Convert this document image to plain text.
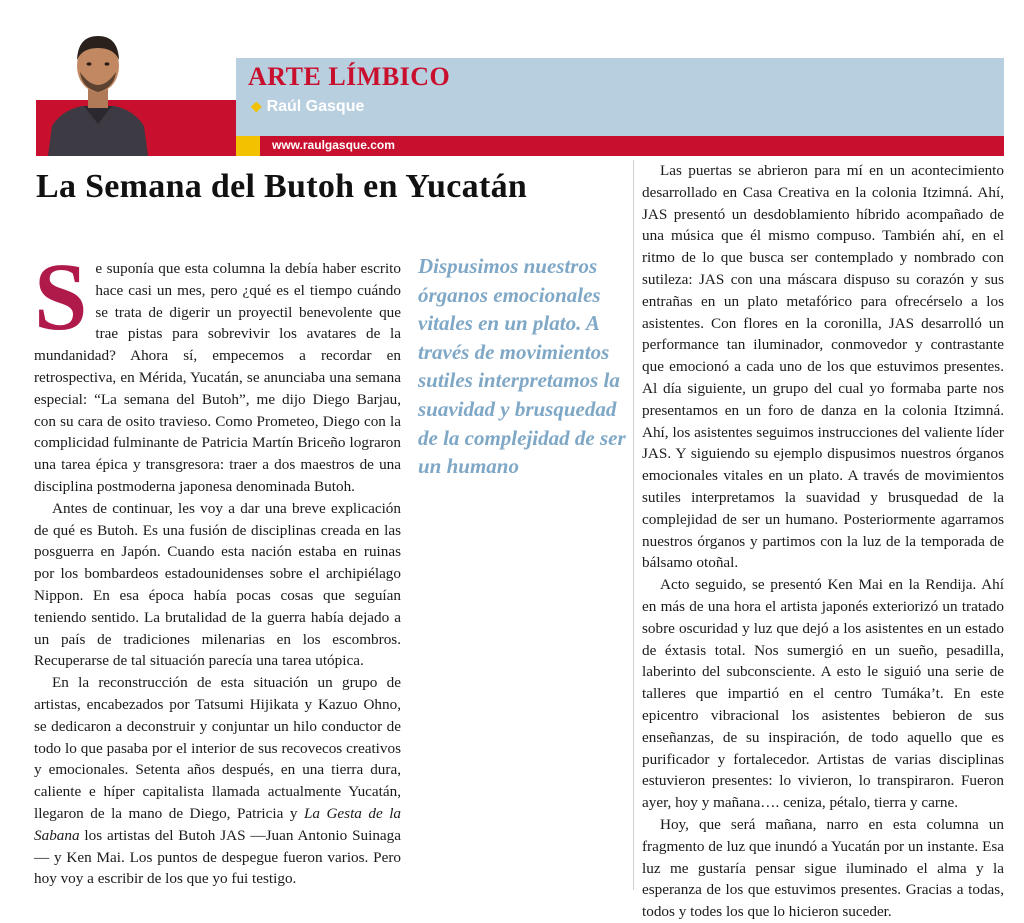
ARTE LÍMBICO
❖ Raúl Gasque
www.raulgasque.com
La Semana del Butoh en Yucatán

Se suponía que esta columna la debía haber escrito hace casi un mes, pero ¿qué es el tiempo cuándo se trata de digerir un proyectil benevolente que trae pistas para sobrevivir los avatares de la mundanidad? Ahora sí, empecemos a recordar en retrospectiva, en Mérida, Yucatán, se anunciaba una semana especial: “La semana del Butoh”, me dijo Diego Barjau, con su cara de osito travieso. Como Prometeo, Diego con la complicidad fulminante de Patricia Martín Briceño lograron una tarea épica y transgresora: traer a dos maestros de una disciplina postmoderna japonesa denominada Butoh.

Antes de continuar, les voy a dar una breve explicación de qué es Butoh. Es una fusión de disciplinas creada en las posguerra en Japón. Cuando esta nación estaba en ruinas por los bombardeos estadounidenses sobre el archipiélago Nippon. En esa época había pocas cosas que seguían teniendo sentido. La brutalidad de la guerra había dejado a un país de tradiciones milenarias en los escombros. Recuperarse de tal situación parecía una tarea utópica.

En la reconstrucción de esta situación un grupo de artistas, encabezados por Tatsumi Hijikata y Kazuo Ohno, se dedicaron a deconstruir y conjuntar un hilo conductor de todo lo que pasaba por el interior de sus recovecos creativos y emocionales. Setenta años después, en una tierra dura, caliente e híper capitalista llamada actualmente Yucatán, llegaron de la mano de Diego, Patricia y La Gesta de la Sabana los artistas del Butoh JAS —Juan Antonio Suinaga— y Ken Mai. Los puntos de despegue fueron varios. Pero hoy voy a escribir de los que yo fui testigo.

Dispusimos nuestros órganos emocionales vitales en un plato. A través de movimientos sutiles interpretamos la suavidad y brusquedad de la complejidad de ser un humano

Las puertas se abrieron para mí en un acontecimiento desarrollado en Casa Creativa en la colonia Itzimná. Ahí, JAS presentó un desdoblamiento híbrido acompañado de una música que él mismo compuso. También ahí, en el ritmo de lo que busca ser contemplado y nombrado con sutileza: JAS con una máscara dispuso su corazón y sus entrañas en un plato metafórico para ofrecérselo a los asistentes. Con flores en la coronilla, JAS desarrolló un performance tan iluminador, conmovedor y contrastante que emocionó a cada uno de los que estuvimos presentes. Al día siguiente, un grupo del cual yo formaba parte nos presentamos en un foro de danza en la colonia Itzimná. Ahí, los asistentes seguimos instrucciones del valiente líder JAS. Y siguiendo su ejemplo dispusimos nuestros órganos emocionales vitales en un plato. A través de movimientos sutiles interpretamos la suavidad y brusquedad de la complejidad de ser un humano. Posteriormente agarramos nuestros órganos y partimos con la luz de la temporada de bálsamo otoñal.

Acto seguido, se presentó Ken Mai en la Rendija. Ahí en más de una hora el artista japonés exteriorizó un tratado sobre oscuridad y luz que dejó a los asistentes en un estado de éxtasis total. Nos sumergió en un sueño, pesadilla, laberinto del subconsciente. A esto le siguió una serie de talleres que impartió en el centro Tumáka’t. En este epicentro vibracional los asistentes bebieron de sus enseñanzas, de su inspiración, de todo aquello que es purificador y fortalecedor. Artistas de varias disciplinas estuvieron presentes: lo vivieron, lo transpiraron. Fueron ayer, hoy y mañana…. ceniza, pétalo, tierra y carne.

Hoy, que será mañana, narro en esta columna un fragmento de luz que inundó a Yucatán por un instante. Esa luz me gustaría pensar sigue iluminado el alma y la esperanza de los que estuvimos presentes. Gracias a todas, todos y todes los que lo hicieron suceder.
